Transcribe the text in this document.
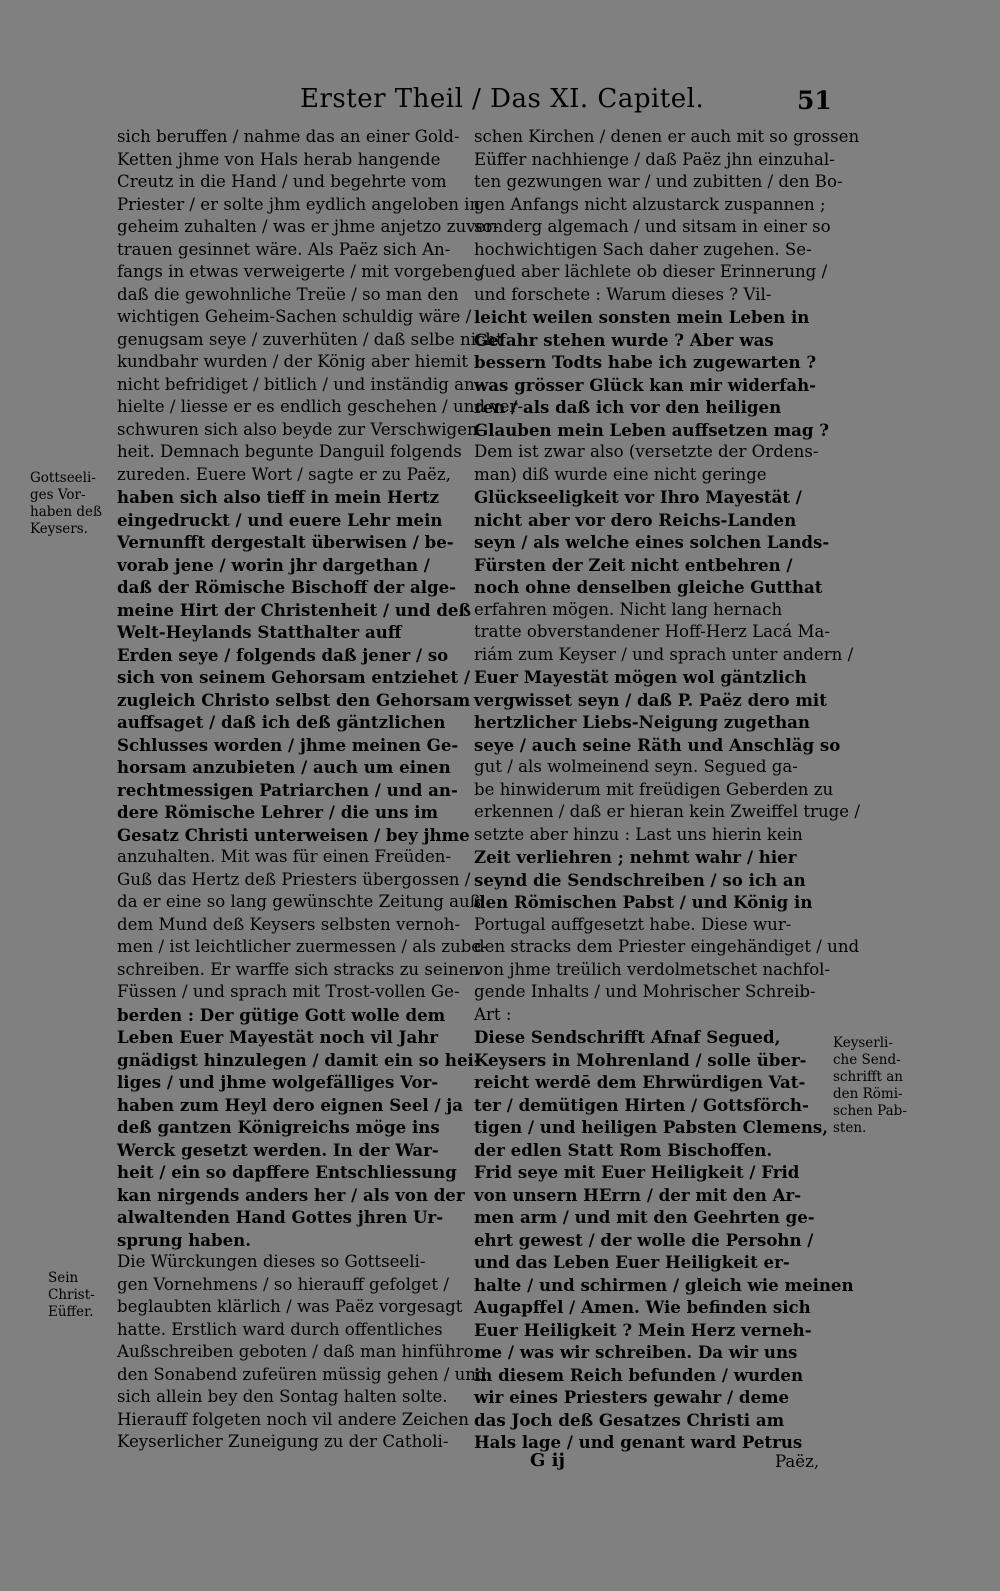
Erster Theil / Das XI. Capitel.	51
sich beruffen / nahme das an einer Gold-
Ketten jhme von Hals herab hangende
Creutz in die Hand / und begehrte vom
Priester / er solte jhm eydlich angeloben in
geheim zuhalten / was er jhme anjetzo zuver-
trauen gesinnet wäre. Als Paëz sich An-
fangs in etwas verweigerte / mit vorgeben /
daß die gewohnliche Treüe / so man den
wichtigen Geheim-Sachen schuldig wäre /
genugsam seye / zuverhüten / daß selbe nicht
kundbahr wurden / der König aber hiemit
nicht befridiget / bitlich / und inständig an-
hielte / liesse er es endlich geschehen / und ver-
schwuren sich also beyde zur Verschwigen-
heit. Demnach begunte Danguil folgends
zureden. Euere Wort / sagte er zu Paëz,
haben sich also tieff in mein Hertz
eingedruckt / und euere Lehr mein
Vernunfft dergestalt überwisen / be-
vorab jene / worin jhr dargethan /
daß der Römische Bischoff der alge-
meine Hirt der Christenheit / und deß
Welt-Heylands Statthalter auff
Erden seye / folgends daß jener / so
sich von seinem Gehorsam entziehet /
zugleich Christo selbst den Gehorsam
auffsaget / daß ich deß gäntzlichen
Schlusses worden / jhme meinen Ge-
horsam anzubieten / auch um einen
rechtmessigen Patriarchen / und an-
dere Römische Lehrer / die uns im
Gesatz Christi unterweisen / bey jhme
anzuhalten. Mit was für einen Freüden-
Guß das Hertz deß Priesters übergossen /
da er eine so lang gewünschte Zeitung auß
dem Mund deß Keysers selbsten vernoh-
men / ist leichtlicher zuermessen / als zube-
schreiben. Er warffe sich stracks zu seinen
Füssen / und sprach mit Trost-vollen Ge-
berden : Der gütige Gott wolle dem
Leben Euer Mayestät noch vil Jahr
gnädigst hinzulegen / damit ein so hei-
liges / und jhme wolgefälliges Vor-
haben zum Heyl dero eignen Seel / ja
deß gantzen Königreichs möge ins
Werck gesetzt werden. In der War-
heit / ein so dapffere Entschliessung
kan nirgends anders her / als von der
alwaltenden Hand Gottes jhren Ur-
sprung haben.
Die Würckungen dieses so Gottseeli-
gen Vornehmens / so hierauff gefolget /
beglaubten klärlich / was Paëz vorgesagt
hatte. Erstlich ward durch offentliches
Außschreiben geboten / daß man hinführo
den Sonabend zufeüren müssig gehen / und
sich allein bey den Sontag halten solte.
Hierauff folgeten noch vil andere Zeichen
Keyserlicher Zuneigung zu der Catholi-
schen Kirchen / denen er auch mit so grossen
Eüffer nachhienge / daß Paëz jhn einzuhal-
ten gezwungen war / und zubitten / den Bo-
gen Anfangs nicht alzustarck zuspannen ;
sonderg algemach / und sitsam in einer so
hochwichtigen Sach daher zugehen. Se-
gued aber lächlete ob dieser Erinnerung /
und forschete : Warum dieses ? Vil-
leicht weilen sonsten mein Leben in
Gefahr stehen wurde ? Aber was
bessern Todts habe ich zugewarten ?
was grösser Glück kan mir widerfah-
ren / als daß ich vor den heiligen
Glauben mein Leben auffsetzen mag ?
Dem ist zwar also (versetzte der Ordens-
man) diß wurde eine nicht geringe
Glückseeligkeit vor Ihro Mayestät /
nicht aber vor dero Reichs-Landen
seyn / als welche eines solchen Lands-
Fürsten der Zeit nicht entbehren /
noch ohne denselben gleiche Gutthat
erfahren mögen. Nicht lang hernach
tratte obverstandener Hoff-Herz Lacá Ma-
riám zum Keyser / und sprach unter andern /
Euer Mayestät mögen wol gäntzlich
vergwisset seyn / daß P. Paëz dero mit
hertzlicher Liebs-Neigung zugethan
seye / auch seine Räth und Anschläg so
gut / als wolmeinend seyn. Segued ga-
be hinwiderum mit freüdigen Geberden zu
erkennen / daß er hieran kein Zweiffel truge /
setzte aber hinzu : Last uns hierin kein
Zeit verliehren ; nehmt wahr / hier
seynd die Sendschreiben / so ich an
den Römischen Pabst / und König in
Portugal auffgesetzt habe. Diese wur-
den stracks dem Priester eingehändiget / und
von jhme treülich verdolmetschet nachfol-
gende Inhalts / und Mohrischer Schreib-
Art :
Diese Sendschrifft Afnaf Segued,
Keysers in Mohrenland / solle über-
reicht werdē dem Ehrwürdigen Vat-
ter / demütigen Hirten / Gottsförch-
tigen / und heiligen Pabsten Clemens,
der edlen Statt Rom Bischoffen.
Frid seye mit Euer Heiligkeit / Frid
von unsern HErrn / der mit den Ar-
men arm / und mit den Geehrten ge-
ehrt gewest / der wolle die Persohn /
und das Leben Euer Heiligkeit er-
halte / und schirmen / gleich wie meinen
Augapffel / Amen. Wie befinden sich
Euer Heiligkeit ? Mein Herz verneh-
me / was wir schreiben. Da wir uns
in diesem Reich befunden / wurden
wir eines Priesters gewahr / deme
das Joch deß Gesatzes Christi am
Hals lage / und genant ward Petrus
Gottseeli-
ges Vor-
haben deß
Keysers.
Sein
Christ-
Eüffer.
Keyserli-
che Send-
schrifft an
den Römi-
schen Pab-
sten.
G ij	Paëz,
